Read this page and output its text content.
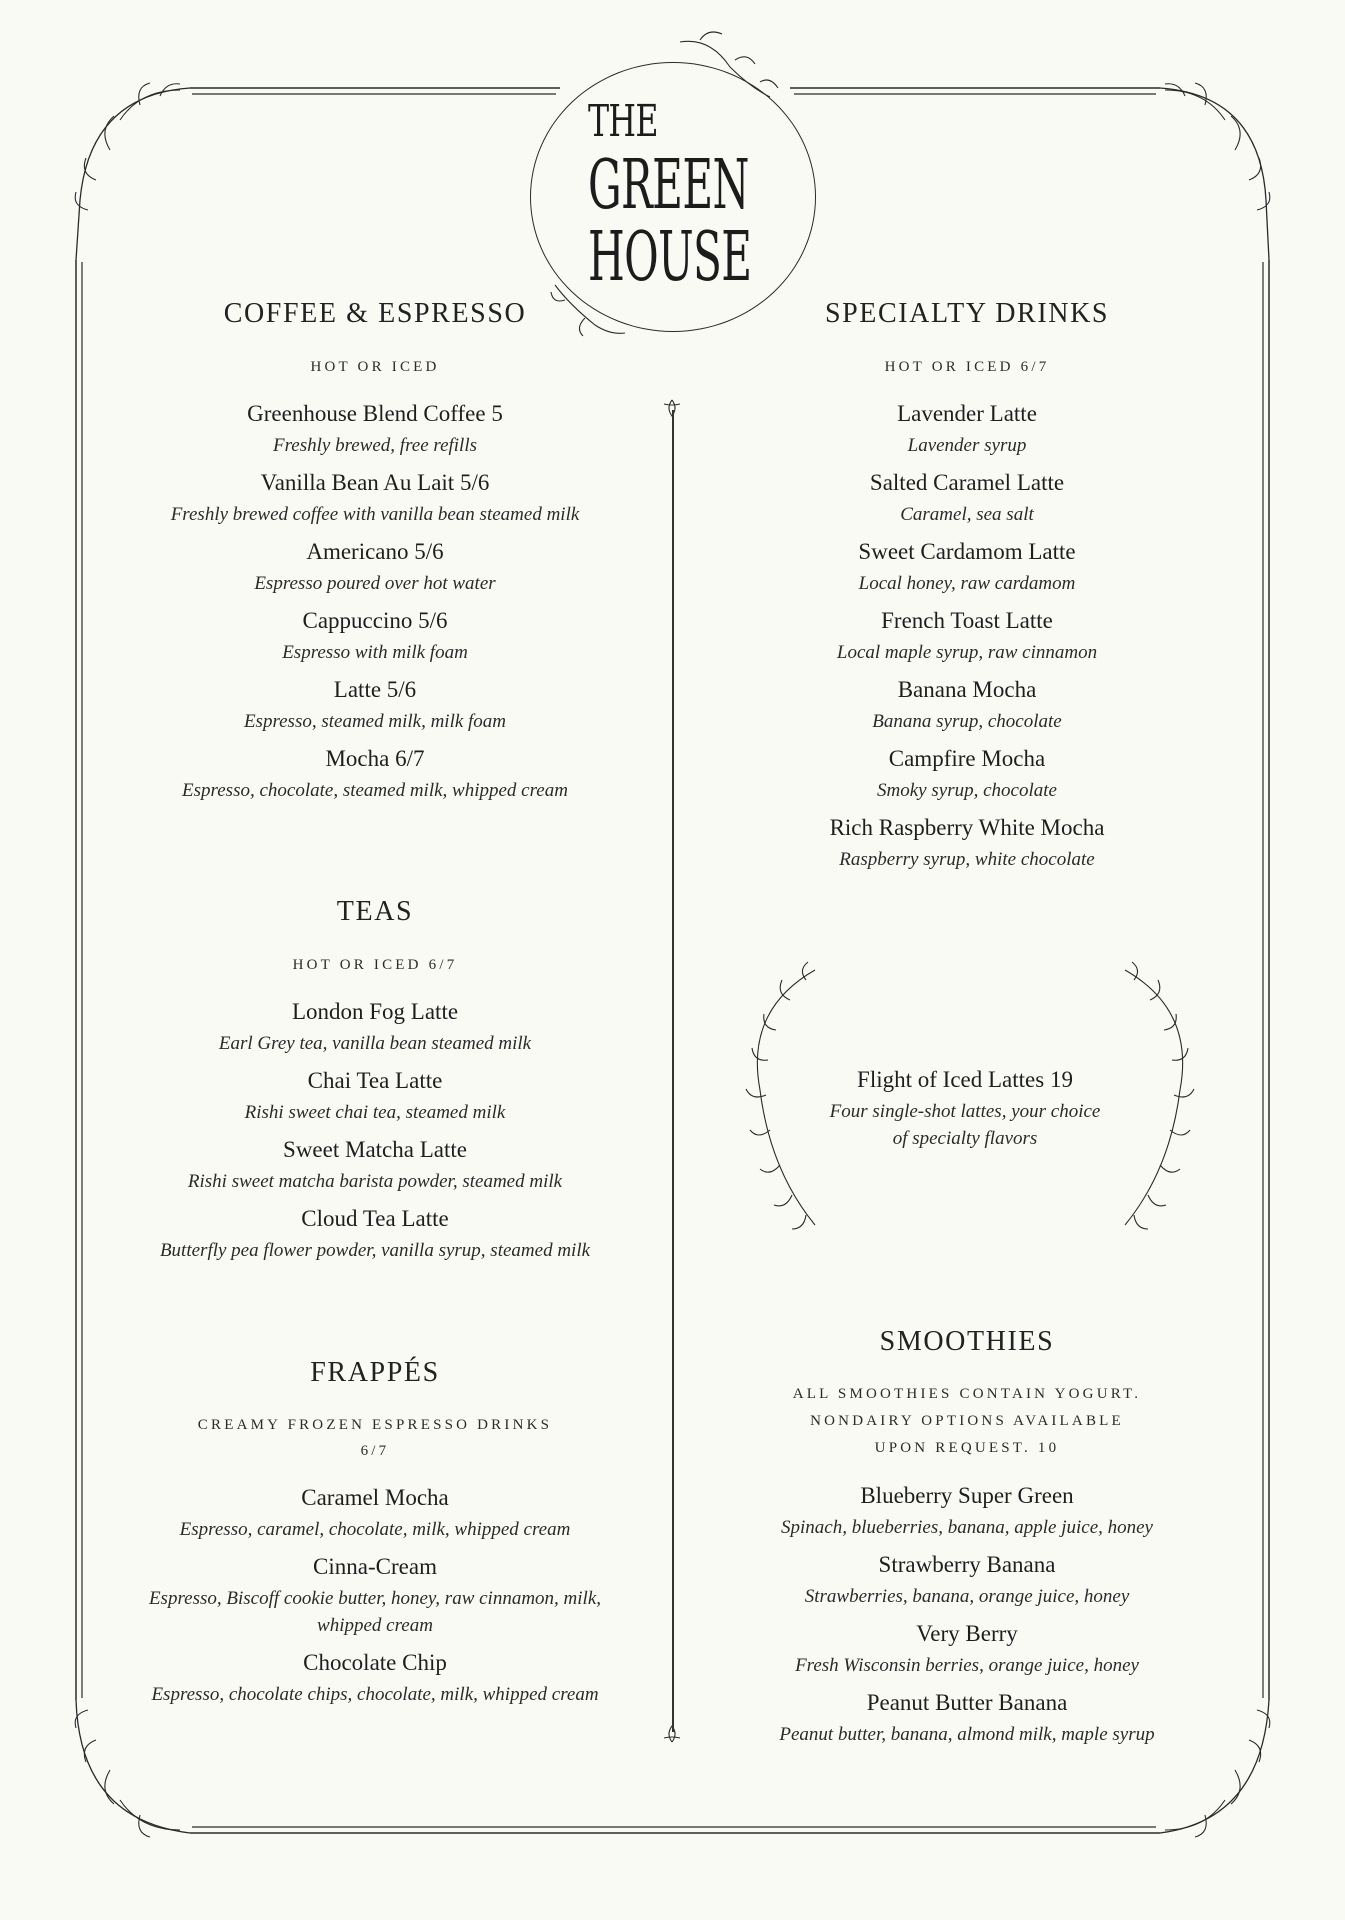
THE
GREEN
HOUSE
COFFEE & ESPRESSO
HOT OR ICED
Greenhouse Blend Coffee 5
Freshly brewed, free refills
Vanilla Bean Au Lait 5/6
Freshly brewed coffee with vanilla bean steamed milk
Americano 5/6
Espresso poured over hot water
Cappuccino 5/6
Espresso with milk foam
Latte 5/6
Espresso, steamed milk, milk foam
Mocha 6/7
Espresso, chocolate, steamed milk, whipped cream
TEAS
HOT OR ICED 6/7
London Fog Latte
Earl Grey tea, vanilla bean steamed milk
Chai Tea Latte
Rishi sweet chai tea, steamed milk
Sweet Matcha Latte
Rishi sweet matcha barista powder, steamed milk
Cloud Tea Latte
Butterfly pea flower powder, vanilla syrup, steamed milk
FRAPPÉS
CREAMY FROZEN ESPRESSO DRINKS
6/7
Caramel Mocha
Espresso, caramel, chocolate, milk, whipped cream
Cinna-Cream
Espresso, Biscoff cookie butter, honey, raw cinnamon, milk,
whipped cream
Chocolate Chip
Espresso, chocolate chips, chocolate, milk, whipped cream
SPECIALTY DRINKS
HOT OR ICED 6/7
Lavender Latte
Lavender syrup
Salted Caramel Latte
Caramel, sea salt
Sweet Cardamom Latte
Local honey, raw cardamom
French Toast Latte
Local maple syrup, raw cinnamon
Banana Mocha
Banana syrup, chocolate
Campfire Mocha
Smoky syrup, chocolate
Rich Raspberry White Mocha
Raspberry syrup, white chocolate
Flight of Iced Lattes 19
Four single-shot lattes, your choice
of specialty flavors
SMOOTHIES
ALL SMOOTHIES CONTAIN YOGURT.
NONDAIRY OPTIONS AVAILABLE
UPON REQUEST. 10
Blueberry Super Green
Spinach, blueberries, banana, apple juice, honey
Strawberry Banana
Strawberries, banana, orange juice, honey
Very Berry
Fresh Wisconsin berries, orange juice, honey
Peanut Butter Banana
Peanut butter, banana, almond milk, maple syrup
